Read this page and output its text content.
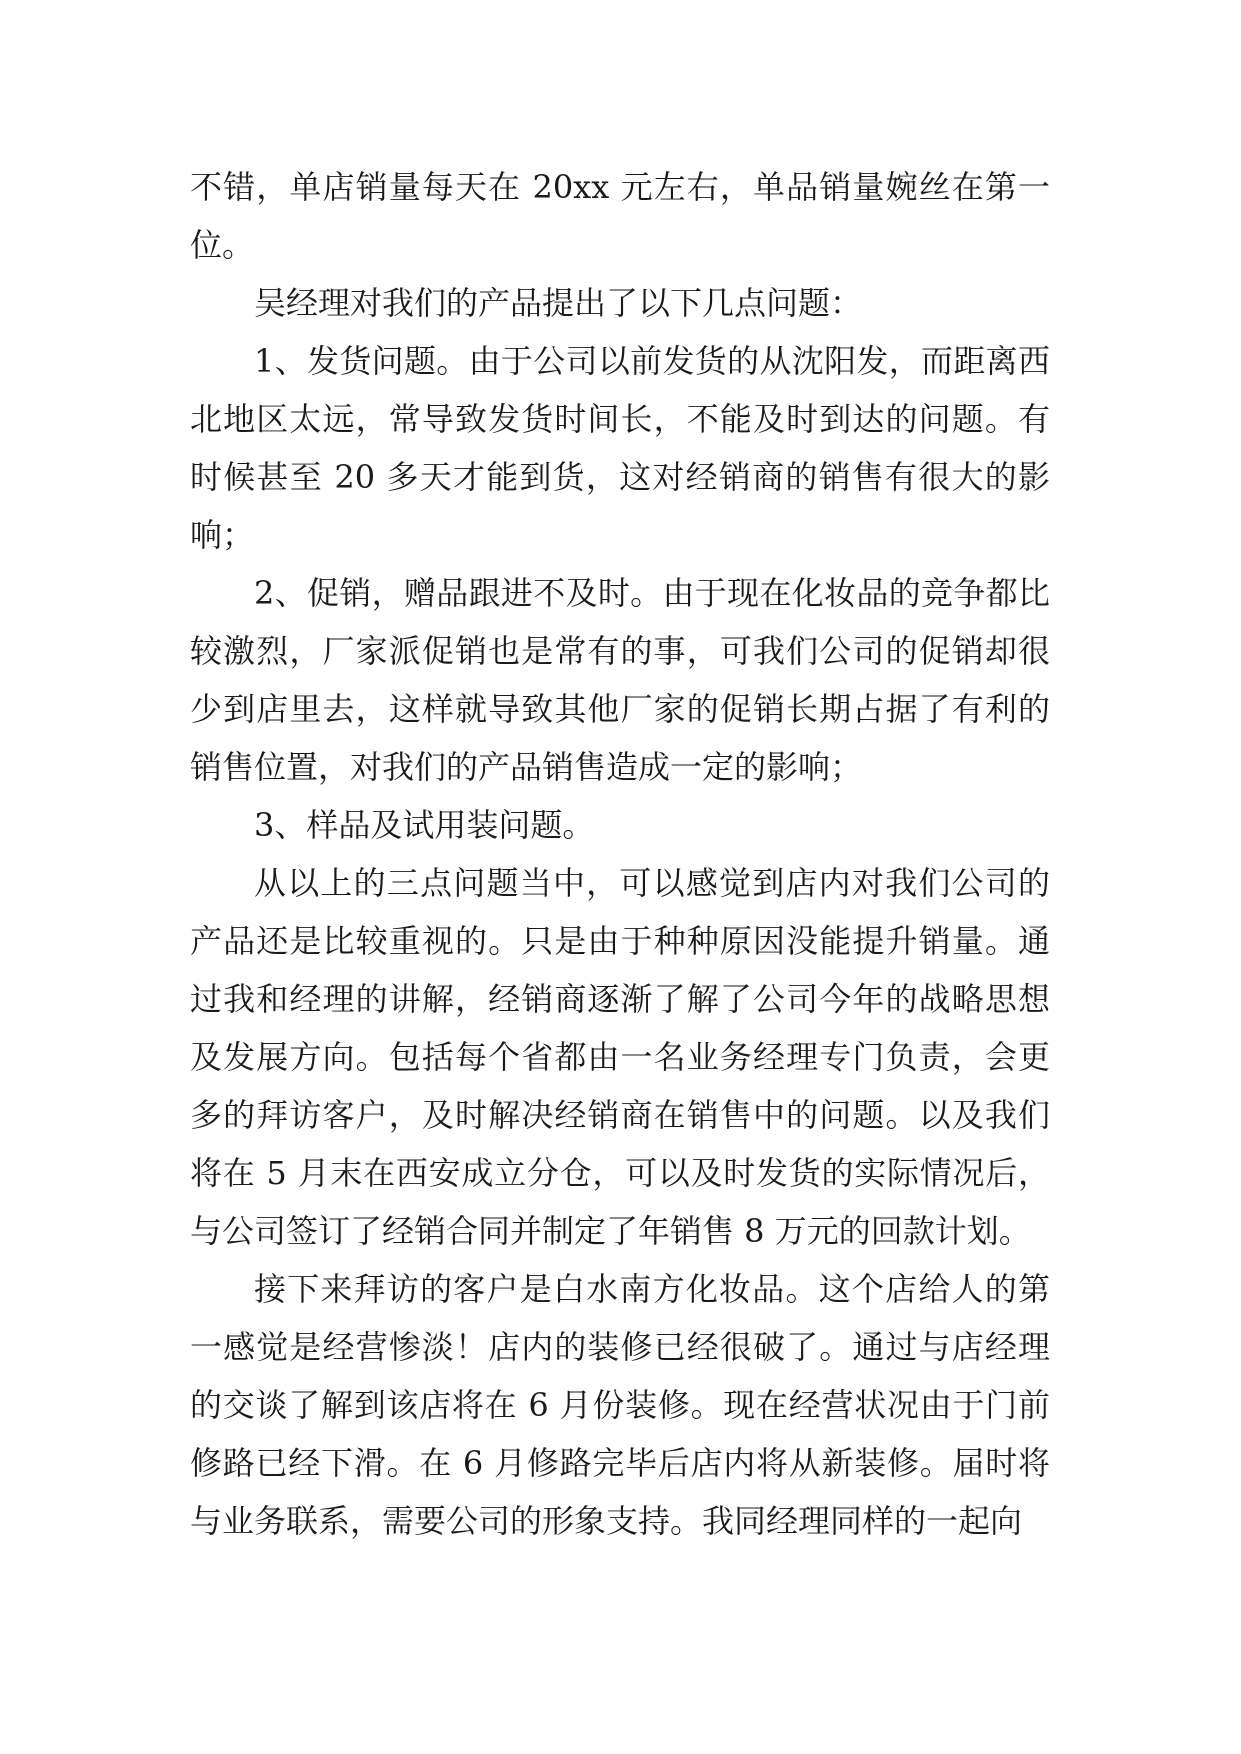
不错，单店销量每天在 20xx 元左右，单品销量婉丝在第一位。

吴经理对我们的产品提出了以下几点问题：

1、发货问题。由于公司以前发货的从沈阳发，而距离西北地区太远，常导致发货时间长，不能及时到达的问题。有时候甚至 20 多天才能到货，这对经销商的销售有很大的影响；

2、促销，赠品跟进不及时。由于现在化妆品的竞争都比较激烈，厂家派促销也是常有的事，可我们公司的促销却很少到店里去，这样就导致其他厂家的促销长期占据了有利的销售位置，对我们的产品销售造成一定的影响；

3、样品及试用装问题。

从以上的三点问题当中，可以感觉到店内对我们公司的产品还是比较重视的。只是由于种种原因没能提升销量。通过我和经理的讲解，经销商逐渐了解了公司今年的战略思想及发展方向。包括每个省都由一名业务经理专门负责，会更多的拜访客户，及时解决经销商在销售中的问题。以及我们将在 5 月末在西安成立分仓，可以及时发货的实际情况后，与公司签订了经销合同并制定了年销售 8 万元的回款计划。

接下来拜访的客户是白水南方化妆品。这个店给人的第一感觉是经营惨淡！店内的装修已经很破了。通过与店经理的交谈了解到该店将在 6 月份装修。现在经营状况由于门前修路已经下滑。在 6 月修路完毕后店内将从新装修。届时将与业务联系，需要公司的形象支持。我同经理同样的一起向
